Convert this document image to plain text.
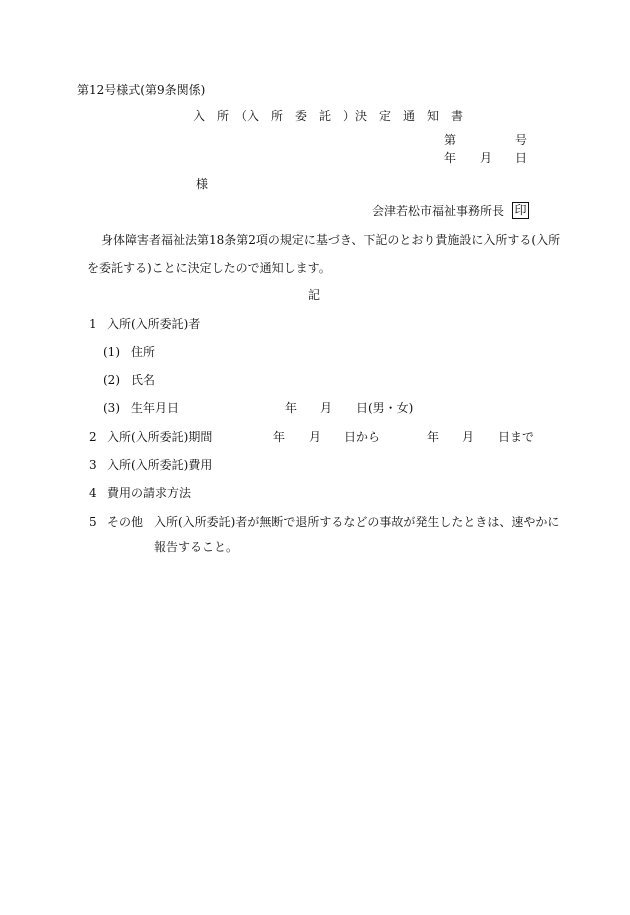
第12号様式(第9条関係)
入　所　（入　所　委　託　）決　定　通　知　書
第	号
年 月 日
様
会津若松市福祉事務所長 印
身体障害者福祉法第18条第2項の規定に基づき、下記のとおり貴施設に入所する(入所
を委託する)ことに決定したので通知します。
記
1 入所(入所委託)者
(1) 住所
(2) 氏名
(3) 生年月日	年 月 日(男・女)
2 入所(入所委託)期間	年 月 日から	年 月 日まで
3 入所(入所委託)費用
4 費用の請求方法
5 その他 入所(入所委託)者が無断で退所するなどの事故が発生したときは、速やかに
報告すること。
